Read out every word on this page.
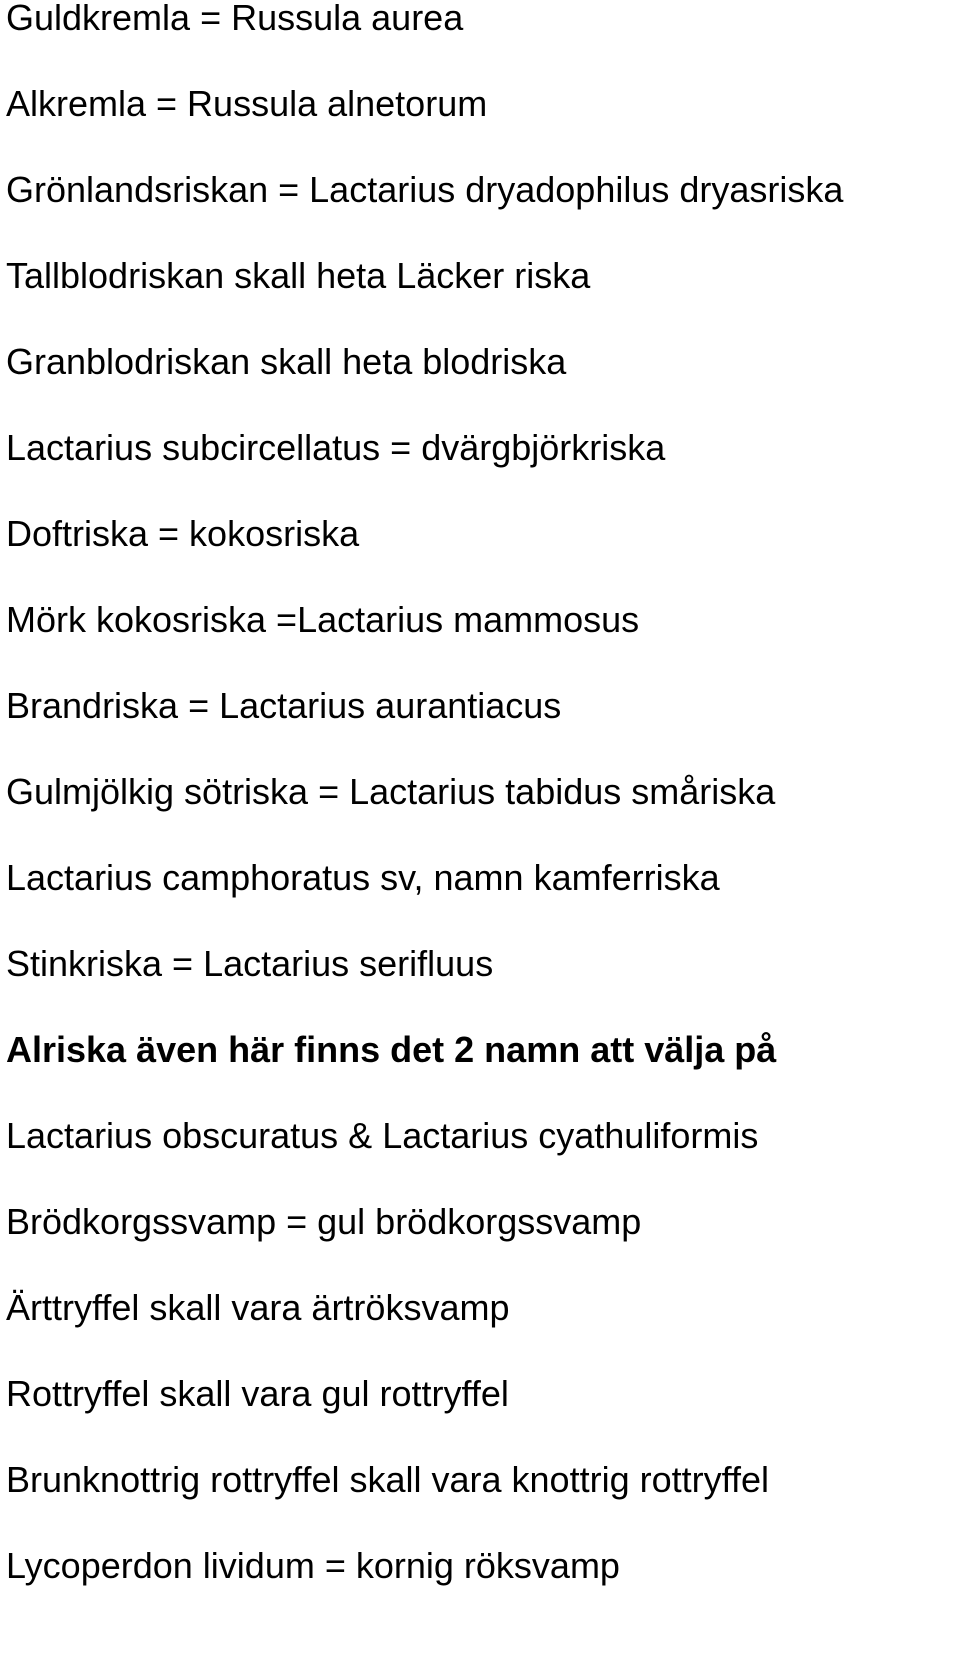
Guldkremla = Russula aurea
Alkremla = Russula alnetorum
Grönlandsriskan = Lactarius dryadophilus dryasriska
Tallblodriskan skall heta Läcker riska
Granblodriskan skall heta blodriska
Lactarius subcircellatus = dvärgbjörkriska
Doftriska = kokosriska
Mörk kokosriska =Lactarius mammosus
Brandriska = Lactarius aurantiacus
Gulmjölkig sötriska = Lactarius tabidus småriska
Lactarius camphoratus sv, namn kamferriska
Stinkriska = Lactarius serifluus
Alriska även här finns det 2 namn att välja på
Lactarius obscuratus & Lactarius cyathuliformis
Brödkorgssvamp = gul brödkorgssvamp
Ärttryffel skall vara ärtröksvamp
Rottryffel skall vara gul rottryffel
Brunknottrig rottryffel skall vara knottrig rottryffel
Lycoperdon lividum = kornig röksvamp
